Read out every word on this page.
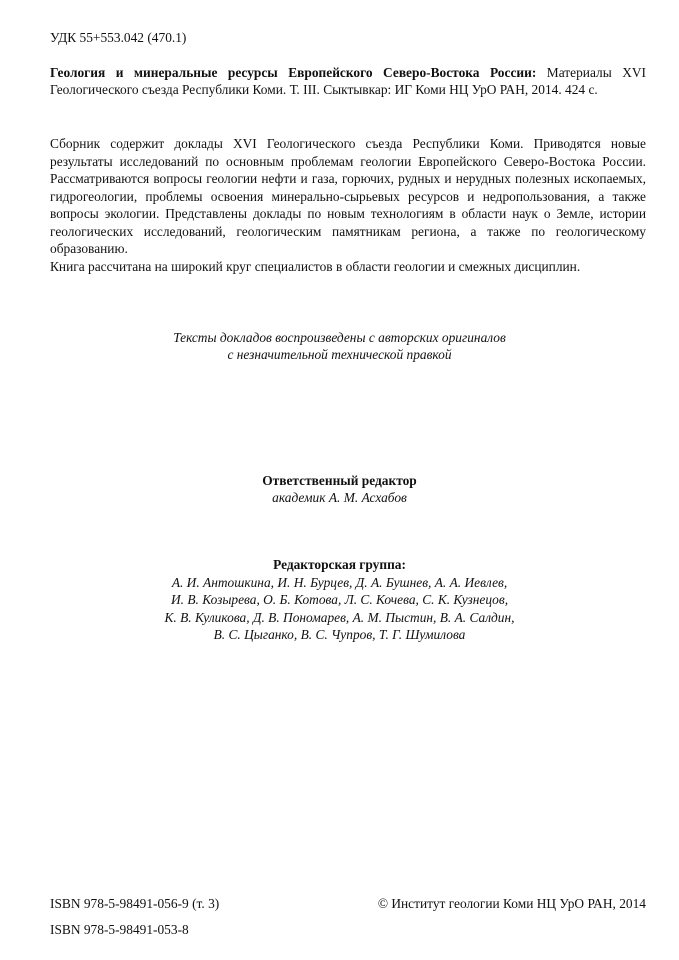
УДК 55+553.042 (470.1)
Геология и минеральные ресурсы Европейского Северо-Востока России: Материалы XVI Геологического съезда Республики Коми. Т. III. Сыктывкар: ИГ Коми НЦ УрО РАН, 2014. 424 с.

Сборник содержит доклады XVI Геологического съезда Республики Коми. Приводятся новые результаты исследований по основным проблемам геологии Европейского Северо-Востока России. Рассматриваются вопросы геологии нефти и газа, горючих, рудных и нерудных полезных ископаемых, гидрогеологии, проблемы освоения минерально-сырьевых ресурсов и недропользования, а также вопросы экологии. Представлены доклады по новым технологиям в области наук о Земле, истории геологических исследований, геологическим памятникам региона, а также по геологическому образованию.

Книга рассчитана на широкий круг специалистов в области геологии и смежных дисциплин.

Тексты докладов воспроизведены с авторских оригиналов
с незначительной технической правкой
Ответственный редактор
академик А. М. Асхабов
Редакторская группа:
А. И. Антошкина, И. Н. Бурцев, Д. А. Бушнев, А. А. Иевлев,
И. В. Козырева, О. Б. Котова, Л. С. Кочева, С. К. Кузнецов,
К. В. Куликова, Д. В. Пономарев, А. М. Пыстин, В. А. Салдин,
В. С. Цыганко, В. С. Чупров, Т. Г. Шумилова
ISBN 978-5-98491-056-9 (т. 3)
ISBN 978-5-98491-053-8
© Институт геологии Коми НЦ УрО РАН, 2014
